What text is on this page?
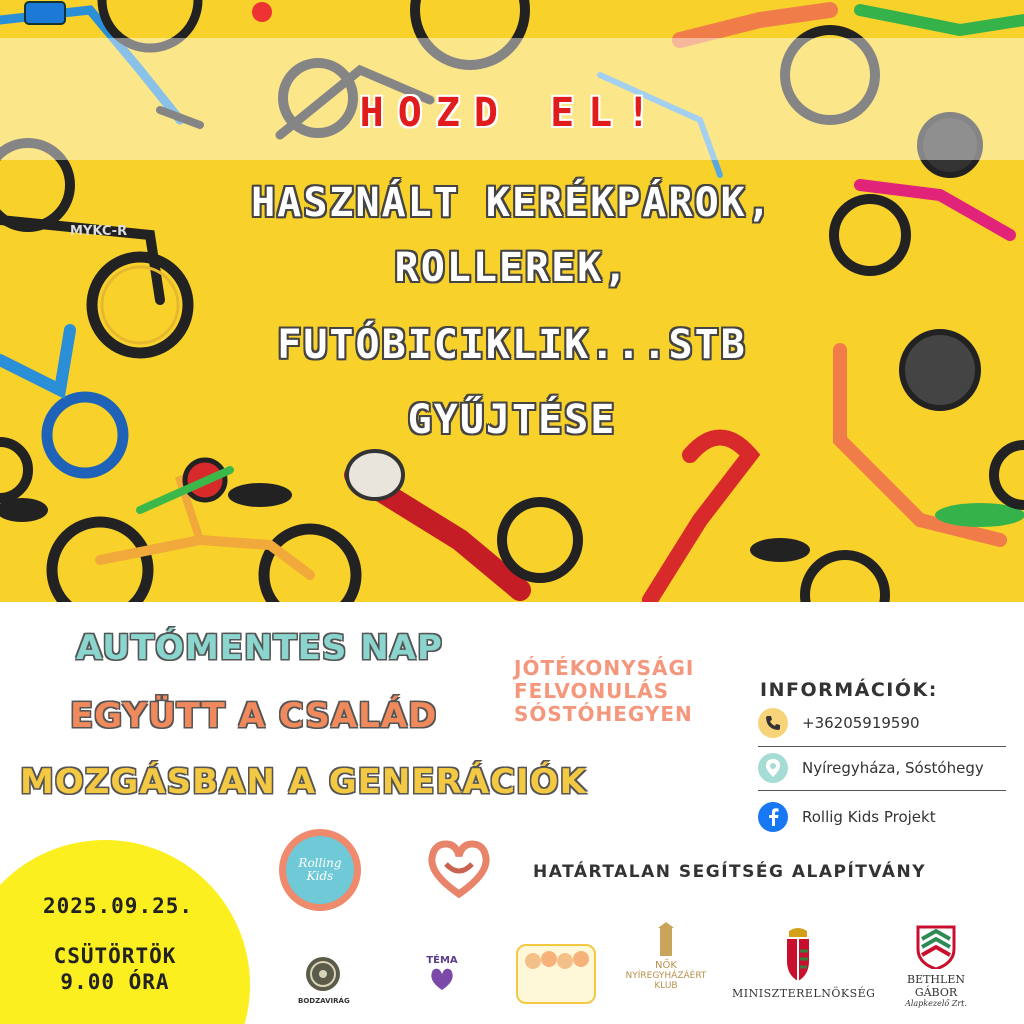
MYKC-R
HOZD EL!
HASZNÁLT KERÉKPÁROK,
ROLLEREK,
FUTÓBICIKLIK...STB
GYŰJTÉSE
AUTÓMENTES NAP
EGYÜTT A CSALÁD
MOZGÁSBAN A GENERÁCIÓK
JÓTÉKONYSÁGI
FELVONULÁS
SÓSTÓHEGYEN
INFORMÁCIÓK:
+36205919590
Nyíregyháza, Sóstóhegy
Rollig Kids Projekt
2025.09.25.
CSÜTÖRTÖK
9.00 ÓRA
Rolling Kids	HATÁRTALAN SEGÍTSÉG ALAPÍTVÁNY
BODZAVIRÁG
TÉMA	NŐK
NYÍREGYHÁZÁÉRT
KLUB
MINISZTERELNÖKSÉG
BETHLEN GÁBOR
Alapkezelő Zrt.
